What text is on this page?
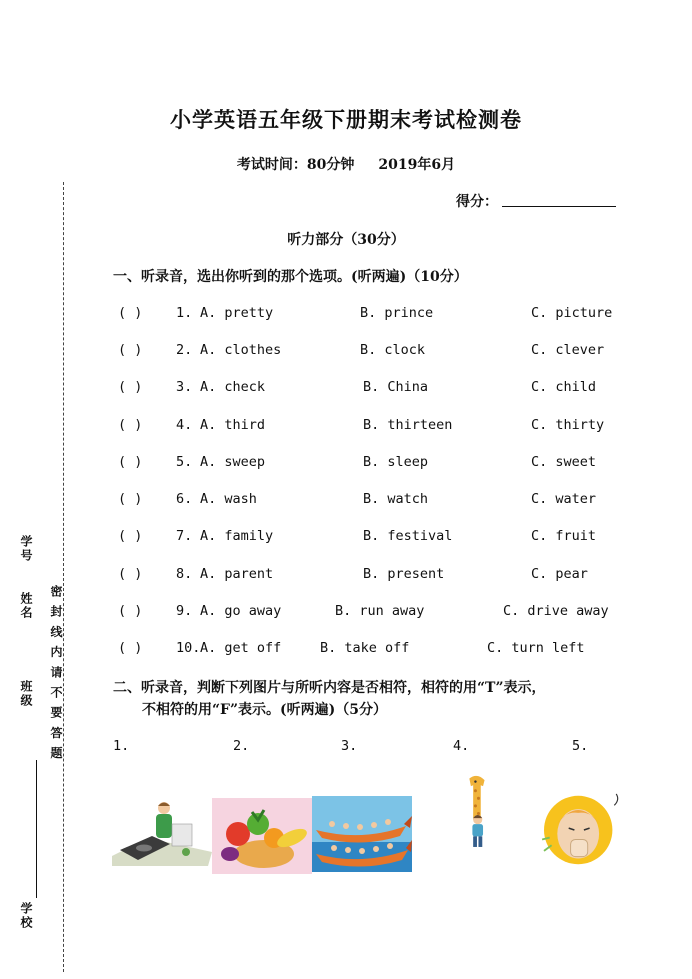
小学英语五年级下册期末考试检测卷
考试时间：80分钟 2019年6月
得分：
听力部分（30分）
一、听录音，选出你听到的那个选项。(听两遍)（10分）
( ) 1. A. pretty	B. prince	C. picture
( ) 2. A. clothes	B. clock	C. clever
( ) 3. A. check	B. China	C. child
( ) 4. A. third	B. thirteen	C. thirty
( ) 5. A. sweep	B. sleep	C. sweet
( ) 6. A. wash	B. watch	C. water
( ) 7. A. family	B. festival	C. fruit
( ) 8. A. parent	B. present	C. pear
( ) 9. A. go away	B. run away	C. drive away
( ) 10. A. get off	B. take off	C. turn left
二、听录音，判断下列图片与所听内容是否相符，相符的用“T”表示，
不相符的用“F”表示。(听两遍)（5分）
1.	2.	3.	4.	5.
密 封 线 内 请 不 要 答 题
学号
姓名
班级
学校
